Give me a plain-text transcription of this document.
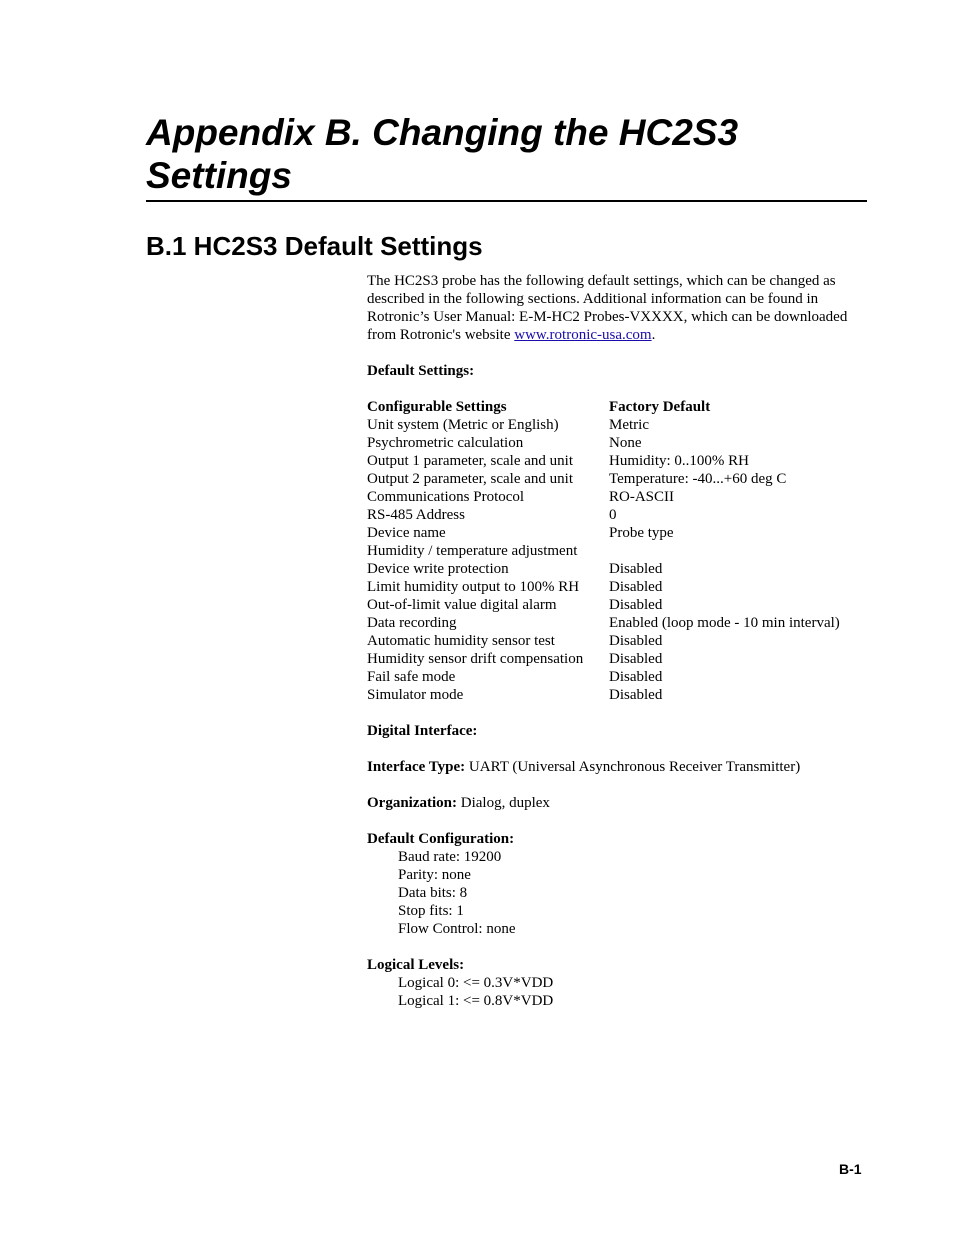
Appendix B. Changing the HC2S3 Settings
B.1 HC2S3 Default Settings

The HC2S3 probe has the following default settings, which can be changed as described in the following sections. Additional information can be found in Rotronic’s User Manual: E-M-HC2 Probes-VXXXX, which can be downloaded from Rotronic's website www.rotronic-usa.com.

Default Settings:

Configurable Settings	Factory Default
Unit system (Metric or English)	Metric
Psychrometric calculation	None
Output 1 parameter, scale and unit	Humidity: 0..100% RH
Output 2 parameter, scale and unit	Temperature: -40...+60 deg C
Communications Protocol	RO-ASCII
RS-485 Address	0
Device name	Probe type
Humidity / temperature adjustment	
Device write protection	Disabled
Limit humidity output to 100% RH	Disabled
Out-of-limit value digital alarm	Disabled
Data recording	Enabled (loop mode - 10 min interval)
Automatic humidity sensor test	Disabled
Humidity sensor drift compensation	Disabled
Fail safe mode	Disabled
Simulator mode	Disabled

Digital Interface:

Interface Type: UART (Universal Asynchronous Receiver Transmitter)

Organization: Dialog, duplex

Default Configuration:

Baud rate: 19200
Parity: none
Data bits: 8
Stop fits: 1
Flow Control: none

Logical Levels:

Logical 0: <= 0.3V*VDD
Logical 1: <= 0.8V*VDD
B-1
